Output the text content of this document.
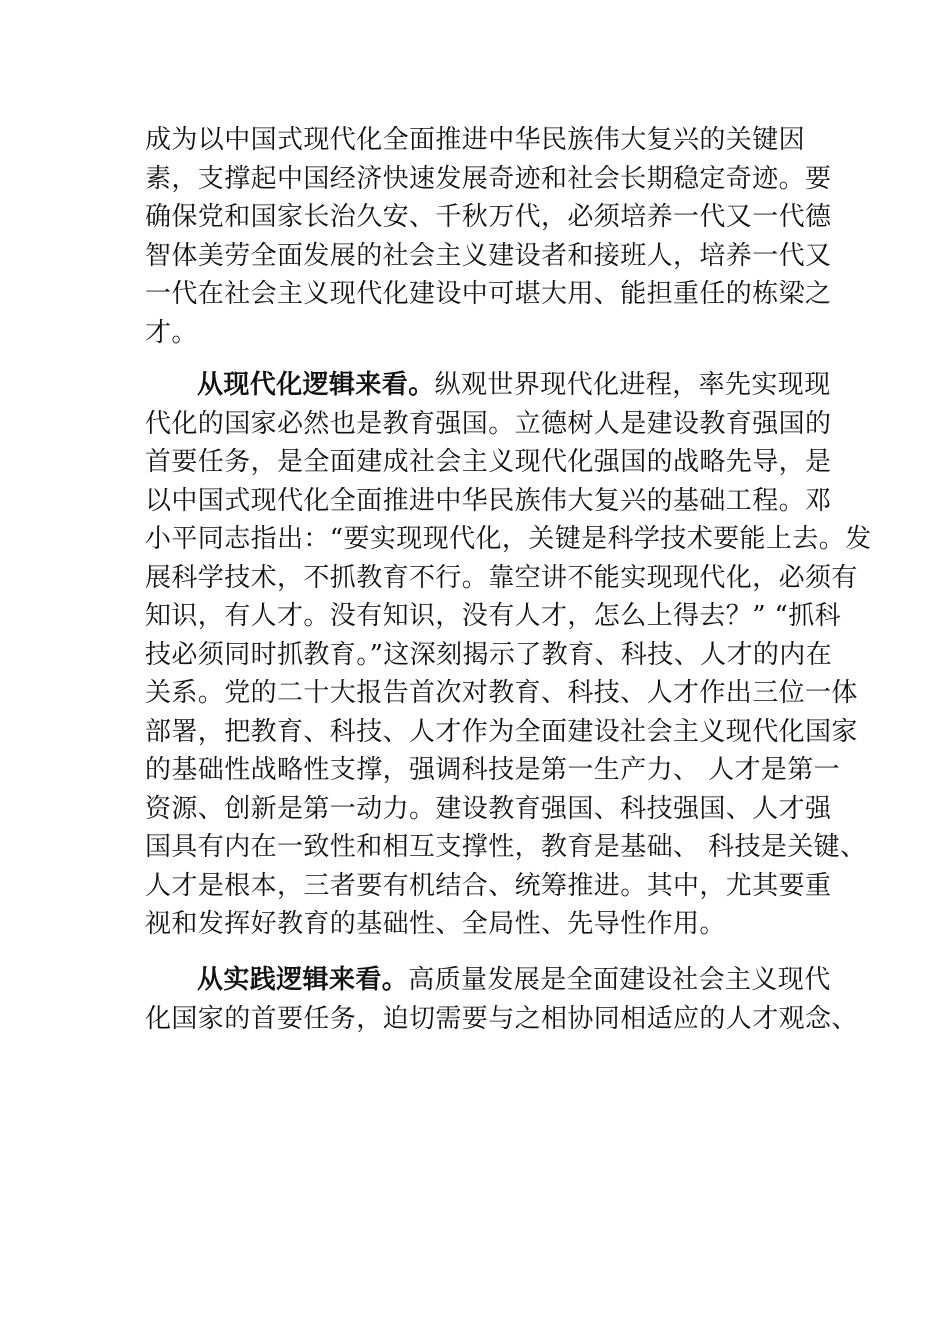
成为以中国式现代化全面推进中华民族伟大复兴的关键因
素，支撑起中国经济快速发展奇迹和社会长期稳定奇迹。要
确保党和国家长治久安、千秋万代，必须培养一代又一代德
智体美劳全面发展的社会主义建设者和接班人，培养一代又
一代在社会主义现代化建设中可堪大用、能担重任的栋梁之
才。
从现代化逻辑来看。纵观世界现代化进程，率先实现现
代化的国家必然也是教育强国。立德树人是建设教育强国的
首要任务，是全面建成社会主义现代化强国的战略先导，是
以中国式现代化全面推进中华民族伟大复兴的基础工程。邓
小平同志指出：“要实现现代化，关键是科学技术要能上去。发
展科学技术，不抓教育不行。靠空讲不能实现现代化，必须有
知识，有人才。没有知识，没有人才，怎么上得去？” “抓科
技必须同时抓教育。”这深刻揭示了教育、科技、人才的内在
关系。党的二十大报告首次对教育、科技、人才作出三位一体
部署，把教育、科技、人才作为全面建设社会主义现代化国家
的基础性战略性支撑，强调科技是第一生产力、 人才是第一
资源、创新是第一动力。建设教育强国、科技强国、人才强
国具有内在一致性和相互支撑性，教育是基础、 科技是关键、
人才是根本，三者要有机结合、统筹推进。其中，尤其要重
视和发挥好教育的基础性、全局性、先导性作用。
从实践逻辑来看。高质量发展是全面建设社会主义现代
化国家的首要任务，迫切需要与之相协同相适应的人才观念、
